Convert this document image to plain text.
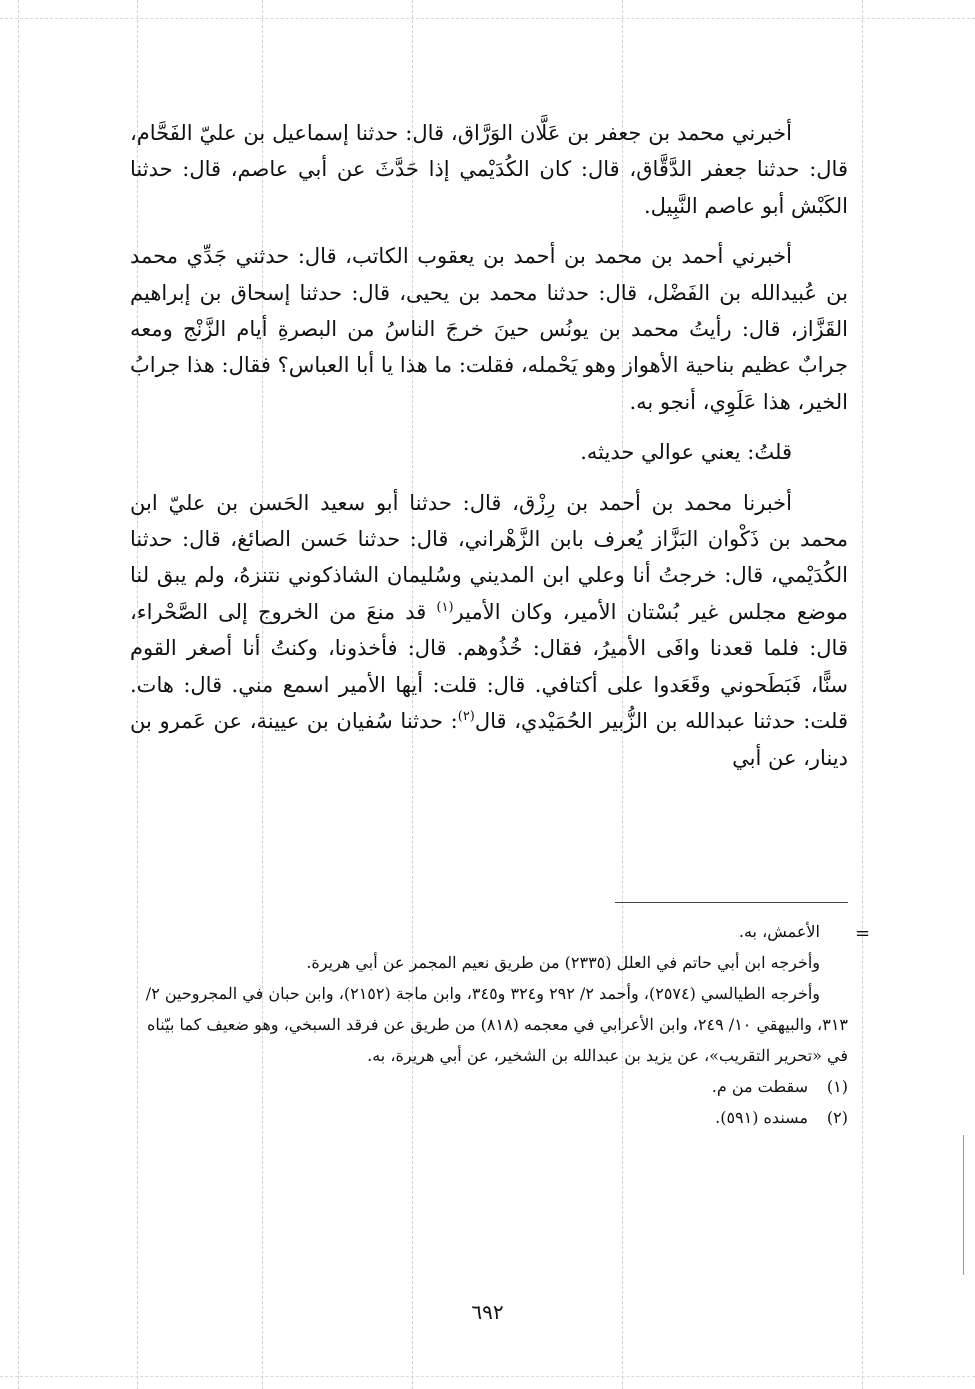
أخبرني محمد بن جعفر بن عَلَّان الوَرَّاق، قال: حدثنا إسماعيل بن عليّ الفَحَّام، قال: حدثنا جعفر الدَّقَّاق، قال: كان الكُدَيْمي إذا حَدَّثَ عن أبي عاصم، قال: حدثنا الكَبْش أبو عاصم النَّبِيل.

أخبرني أحمد بن محمد بن أحمد بن يعقوب الكاتب، قال: حدثني جَدِّي محمد بن عُبيدالله بن الفَضْل، قال: حدثنا محمد بن يحيى، قال: حدثنا إسحاق بن إبراهيم القَزَّاز، قال: رأيتُ محمد بن يونُس حينَ خرجَ الناسُ من البصرةِ أيام الزَّنْج ومعه جرابٌ عظيم بناحية الأهواز وهو يَحْمله، فقلت: ما هذا يا أبا العباس؟ فقال: هذا جرابُ الخير، هذا عَلَوِي، أنجو به.

قلتُ: يعني عوالي حديثه.

أخبرنا محمد بن أحمد بن رِزْق، قال: حدثنا أبو سعيد الحَسن بن عليّ ابن محمد بن ذَكْوان البَزَّاز يُعرف بابن الزَّهْراني، قال: حدثنا حَسن الصائغ، قال: حدثنا الكُدَيْمي، قال: خرجتُ أنا وعلي ابن المديني وسُليمان الشاذكوني نتنزهُ، ولم يبق لنا موضع مجلس غير بُسْتان الأمير، وكان الأمير$^{(١)}$ قد منعَ من الخروج إلى الصَّحْراء، قال: فلما قعدنا وافَى الأميرُ، فقال: خُذُوهم. قال: فأخذونا، وكنتُ أنا أصغر القوم سنًّا، فَبَطَحوني وقَعَدوا على أكتافي. قال: قلت: أيها الأمير اسمع مني. قال: هات. قلت: حدثنا عبدالله بن الزُّبير الحُمَيْدي، قال$^{(٢)}$: حدثنا سُفيان بن عيينة، عن عَمرو بن دينار، عن أبي

=

الأعمش، به.

وأخرجه ابن أبي حاتم في العلل (٢٣٣٥) من طريق نعيم المجمر عن أبي هريرة.

وأخرجه الطيالسي (٢٥٧٤)، وأحمد ٢/ ٢٩٢ و٣٢٤ و٣٤٥، وابن ماجة (٢١٥٢)، وابن حبان في المجروحين ٢/ ٣١٣، والبيهقي ١٠/ ٢٤٩، وابن الأعرابي في معجمه (٨١٨) من طريق عن فرقد السبخي، وهو ضعيف كما بيّناه في «تحرير التقريب»، عن يزيد بن عبدالله بن الشخير، عن أبي هريرة، به.

(١)سقطت من م.

(٢)مسنده (٥٩١).

٦٩٢
